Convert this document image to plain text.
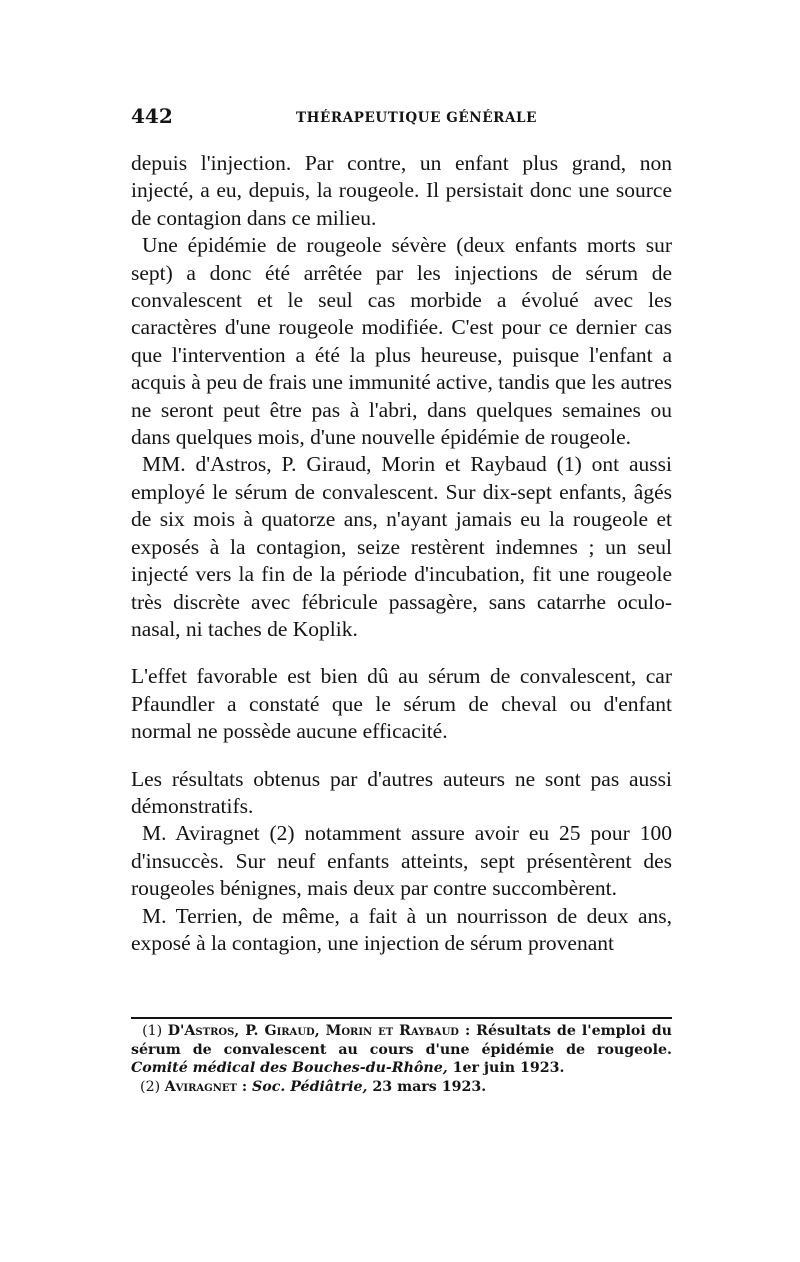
442	THÉRAPEUTIQUE GÉNÉRALE

depuis l'injection. Par contre, un enfant plus grand, non injecté, a eu, depuis, la rougeole. Il persistait donc une source de contagion dans ce milieu.

Une épidémie de rougeole sévère (deux enfants morts sur sept) a donc été arrêtée par les injections de sérum de convalescent et le seul cas morbide a évolué avec les caractères d'une rougeole modifiée. C'est pour ce dernier cas que l'intervention a été la plus heureuse, puisque l'enfant a acquis à peu de frais une immunité active, tandis que les autres ne seront peut être pas à l'abri, dans quelques semaines ou dans quelques mois, d'une nouvelle épidémie de rougeole.

MM. d'Astros, P. Giraud, Morin et Raybaud (1) ont aussi employé le sérum de convalescent. Sur dix-sept enfants, âgés de six mois à quatorze ans, n'ayant jamais eu la rougeole et exposés à la contagion, seize restèrent indemnes ; un seul injecté vers la fin de la période d'incubation, fit une rougeole très discrète avec fébricule passagère, sans catarrhe oculo-nasal, ni taches de Koplik.

L'effet favorable est bien dû au sérum de convalescent, car Pfaundler a constaté que le sérum de cheval ou d'enfant normal ne possède aucune efficacité.

Les résultats obtenus par d'autres auteurs ne sont pas aussi démonstratifs.

M. Aviragnet (2) notamment assure avoir eu 25 pour 100 d'insuccès. Sur neuf enfants atteints, sept présentèrent des rougeoles bénignes, mais deux par contre succombèrent.

M. Terrien, de même, a fait à un nourrisson de deux ans, exposé à la contagion, une injection de sérum provenant

(1) D'Astros, P. Giraud, Morin et Raybaud : Résultats de l'emploi du sérum de convalescent au cours d'une épidémie de rougeole. Comité médical des Bouches-du-Rhône, 1er juin 1923.

(2) Aviragnet : Soc. Pédiâtrie, 23 mars 1923.
